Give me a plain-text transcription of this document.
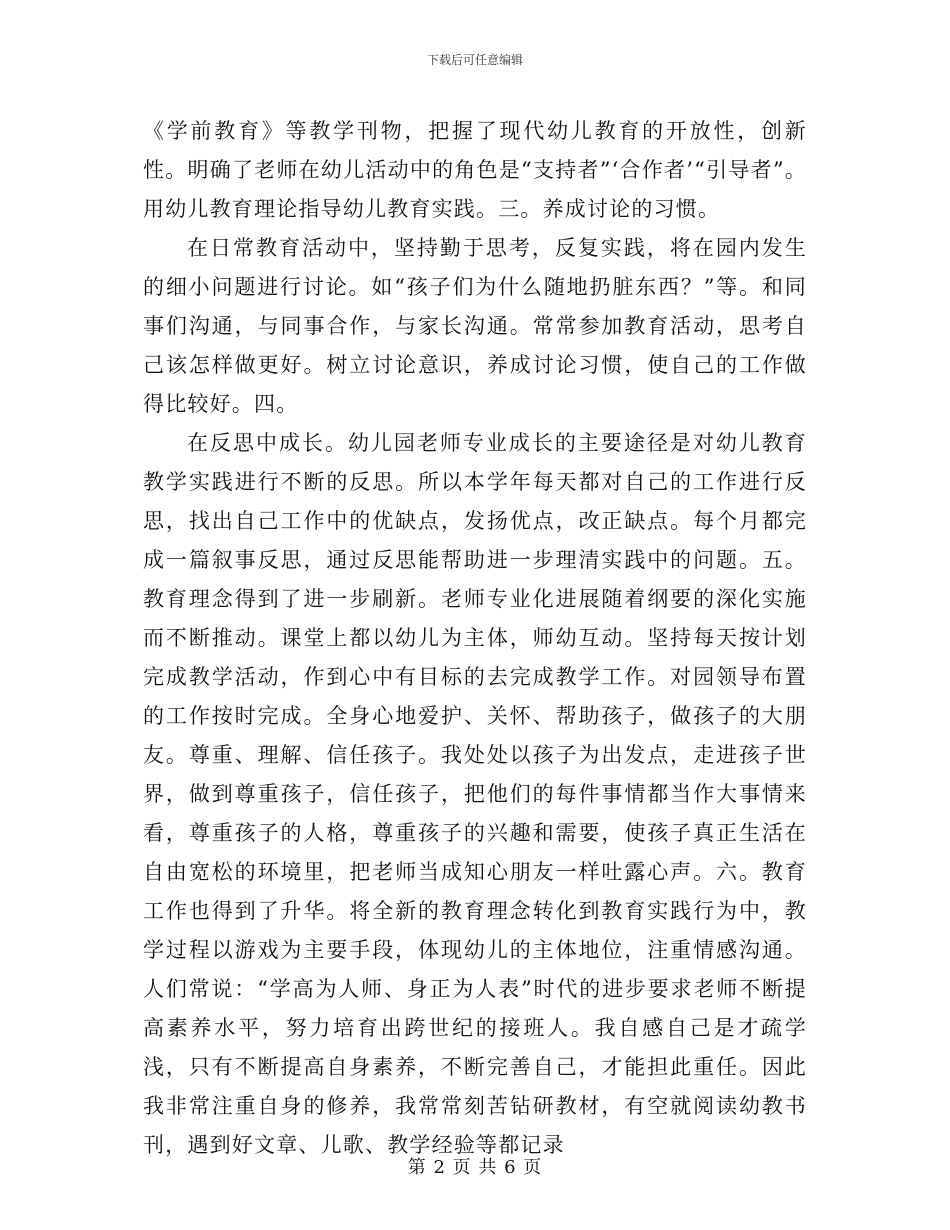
下载后可任意编辑

《学前教育》等教学刊物，把握了现代幼儿教育的开放性，创新性。明确了老师在幼儿活动中的角色是“支持者”‘合作者’“引导者”。用幼儿教育理论指导幼儿教育实践。三。养成讨论的习惯。

在日常教育活动中，坚持勤于思考，反复实践，将在园内发生的细小问题进行讨论。如“孩子们为什么随地扔脏东西？”等。和同事们沟通，与同事合作，与家长沟通。常常参加教育活动，思考自己该怎样做更好。树立讨论意识，养成讨论习惯，使自己的工作做得比较好。四。

在反思中成长。幼儿园老师专业成长的主要途径是对幼儿教育教学实践进行不断的反思。所以本学年每天都对自己的工作进行反思，找出自己工作中的优缺点，发扬优点，改正缺点。每个月都完成一篇叙事反思，通过反思能帮助进一步理清实践中的问题。五。教育理念得到了进一步刷新。老师专业化进展随着纲要的深化实施而不断推动。课堂上都以幼儿为主体，师幼互动。坚持每天按计划完成教学活动，作到心中有目标的去完成教学工作。对园领导布置的工作按时完成。全身心地爱护、关怀、帮助孩子，做孩子的大朋友。尊重、理解、信任孩子。我处处以孩子为出发点，走进孩子世界，做到尊重孩子，信任孩子，把他们的每件事情都当作大事情来看，尊重孩子的人格，尊重孩子的兴趣和需要，使孩子真正生活在自由宽松的环境里，把老师当成知心朋友一样吐露心声。六。教育工作也得到了升华。将全新的教育理念转化到教育实践行为中，教学过程以游戏为主要手段，体现幼儿的主体地位，注重情感沟通。人们常说：“学高为人师、身正为人表”时代的进步要求老师不断提高素养水平，努力培育出跨世纪的接班人。我自感自己是才疏学浅，只有不断提高自身素养，不断完善自己，才能担此重任。因此我非常注重自身的修养，我常常刻苦钻研教材，有空就阅读幼教书刊，遇到好文章、儿歌、教学经验等都记录

第 2 页 共 6 页
